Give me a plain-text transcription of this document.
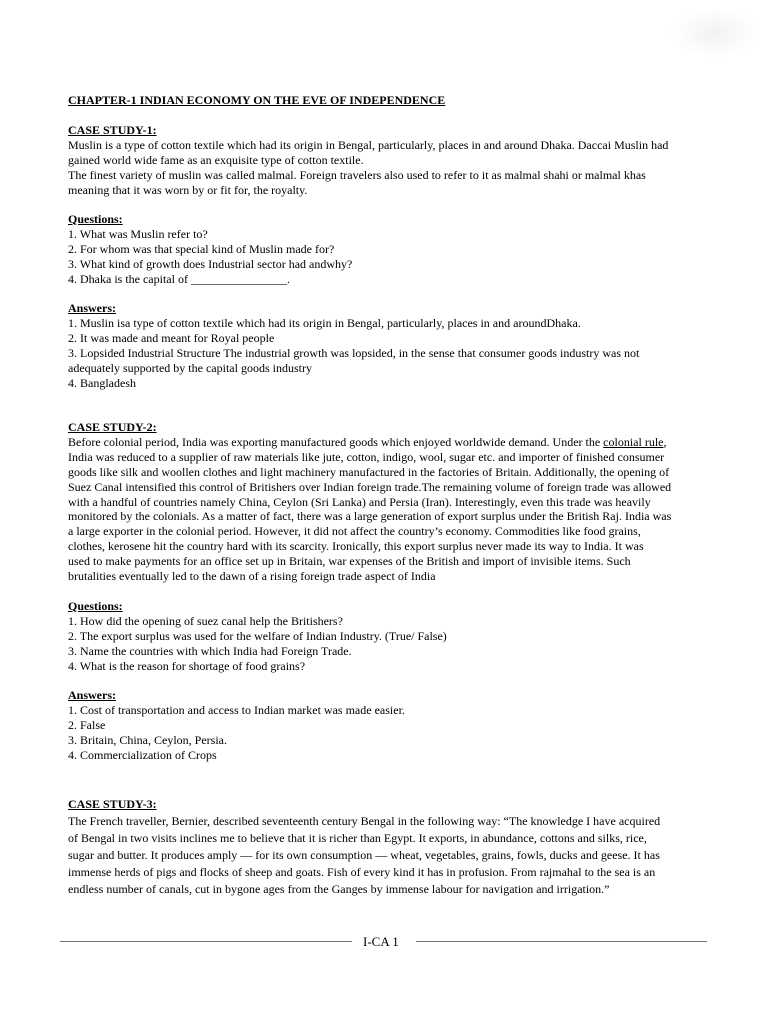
CHAPTER-1 INDIAN ECONOMY ON THE EVE OF INDEPENDENCE
CASE STUDY-1:
Muslin is a type of cotton textile which had its origin in Bengal, particularly, places in and around Dhaka. Daccai Muslin had
gained world wide fame as an exquisite type of cotton textile.
The finest variety of muslin was called malmal. Foreign travelers also used to refer to it as malmal shahi or malmal khas
meaning that it was worn by or fit for, the royalty.
Questions:
1. What was Muslin refer to?
2. For whom was that special kind of Muslin made for?
3. What kind of growth does Industrial sector had andwhy?
4. Dhaka is the capital of ________________.
Answers:
1. Muslin isa type of cotton textile which had its origin in Bengal, particularly, places in and aroundDhaka.
2. It was made and meant for Royal people
3. Lopsided Industrial Structure The industrial growth was lopsided, in the sense that consumer goods industry was not
adequately supported by the capital goods industry
4. Bangladesh
CASE STUDY-2:
Before colonial period, India was exporting manufactured goods which enjoyed worldwide demand. Under the colonial rule,
India was reduced to a supplier of raw materials like jute, cotton, indigo, wool, sugar etc. and importer of finished consumer
goods like silk and woollen clothes and light machinery manufactured in the factories of Britain. Additionally, the opening of
Suez Canal intensified this control of Britishers over Indian foreign trade.The remaining volume of foreign trade was allowed
with a handful of countries namely China, Ceylon (Sri Lanka) and Persia (Iran). Interestingly, even this trade was heavily
monitored by the colonials. As a matter of fact, there was a large generation of export surplus under the British Raj. India was
a large exporter in the colonial period. However, it did not affect the country’s economy. Commodities like food grains,
clothes, kerosene hit the country hard with its scarcity. Ironically, this export surplus never made its way to India. It was
used to make payments for an office set up in Britain, war expenses of the British and import of invisible items. Such
brutalities eventually led to the dawn of a rising foreign trade aspect of India
Questions:
1. How did the opening of suez canal help the Britishers?
2. The export surplus was used for the welfare of Indian Industry. (True/ False)
3. Name the countries with which India had Foreign Trade.
4. What is the reason for shortage of food grains?
Answers:
1. Cost of transportation and access to Indian market was made easier.
2. False
3. Britain, China, Ceylon, Persia.
4. Commercialization of Crops
CASE STUDY-3:
The French traveller, Bernier, described seventeenth century Bengal in the following way: “The knowledge I have acquired
of Bengal in two visits inclines me to believe that it is richer than Egypt. It exports, in abundance, cottons and silks, rice,
sugar and butter. It produces amply — for its own consumption — wheat, vegetables, grains, fowls, ducks and geese. It has
immense herds of pigs and flocks of sheep and goats. Fish of every kind it has in profusion. From rajmahal to the sea is an
endless number of canals, cut in bygone ages from the Ganges by immense labour for navigation and irrigation.”
I-CA 1
